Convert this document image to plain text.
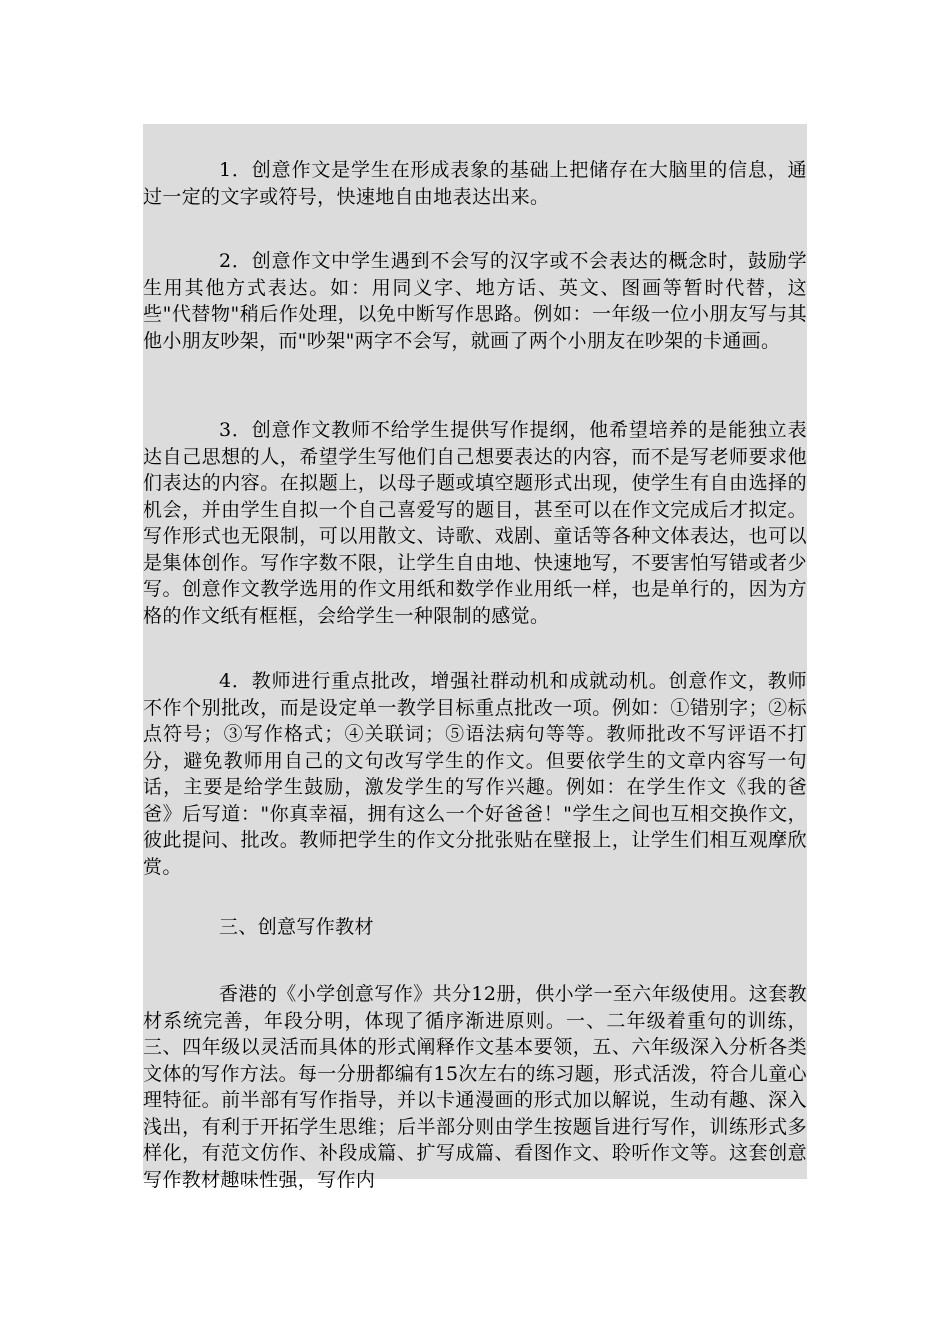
1．创意作文是学生在形成表象的基础上把储存在大脑里的信息，通过一定的文字或符号，快速地自由地表达出来。

2．创意作文中学生遇到不会写的汉字或不会表达的概念时，鼓励学生用其他方式表达。如：用同义字、地方话、英文、图画等暂时代替，这些"代替物"稍后作处理，以免中断写作思路。例如：一年级一位小朋友写与其他小朋友吵架，而"吵架"两字不会写，就画了两个小朋友在吵架的卡通画。

3．创意作文教师不给学生提供写作提纲，他希望培养的是能独立表达自己思想的人，希望学生写他们自己想要表达的内容，而不是写老师要求他们表达的内容。在拟题上，以母子题或填空题形式出现，使学生有自由选择的机会，并由学生自拟一个自己喜爱写的题目，甚至可以在作文完成后才拟定。写作形式也无限制，可以用散文、诗歌、戏剧、童话等各种文体表达，也可以是集体创作。写作字数不限，让学生自由地、快速地写，不要害怕写错或者少写。创意作文教学选用的作文用纸和数学作业用纸一样，也是单行的，因为方格的作文纸有框框，会给学生一种限制的感觉。

4．教师进行重点批改，增强社群动机和成就动机。创意作文，教师不作个别批改，而是设定单一教学目标重点批改一项。例如：①错别字；②标点符号；③写作格式；④关联词；⑤语法病句等等。教师批改不写评语不打分，避免教师用自己的文句改写学生的作文。但要依学生的文章内容写一句话，主要是给学生鼓励，激发学生的写作兴趣。例如：在学生作文《我的爸爸》后写道："你真幸福，拥有这么一个好爸爸！"学生之间也互相交换作文，彼此提问、批改。教师把学生的作文分批张贴在壁报上，让学生们相互观摩欣赏。

三、创意写作教材

香港的《小学创意写作》共分12册，供小学一至六年级使用。这套教材系统完善，年段分明，体现了循序渐进原则。一、二年级着重句的训练，三、四年级以灵活而具体的形式阐释作文基本要领，五、六年级深入分析各类文体的写作方法。每一分册都编有15次左右的练习题，形式活泼，符合儿童心理特征。前半部有写作指导，并以卡通漫画的形式加以解说，生动有趣、深入浅出，有利于开拓学生思维；后半部分则由学生按题旨进行写作，训练形式多样化，有范文仿作、补段成篇、扩写成篇、看图作文、聆听作文等。这套创意写作教材趣味性强，写作内
